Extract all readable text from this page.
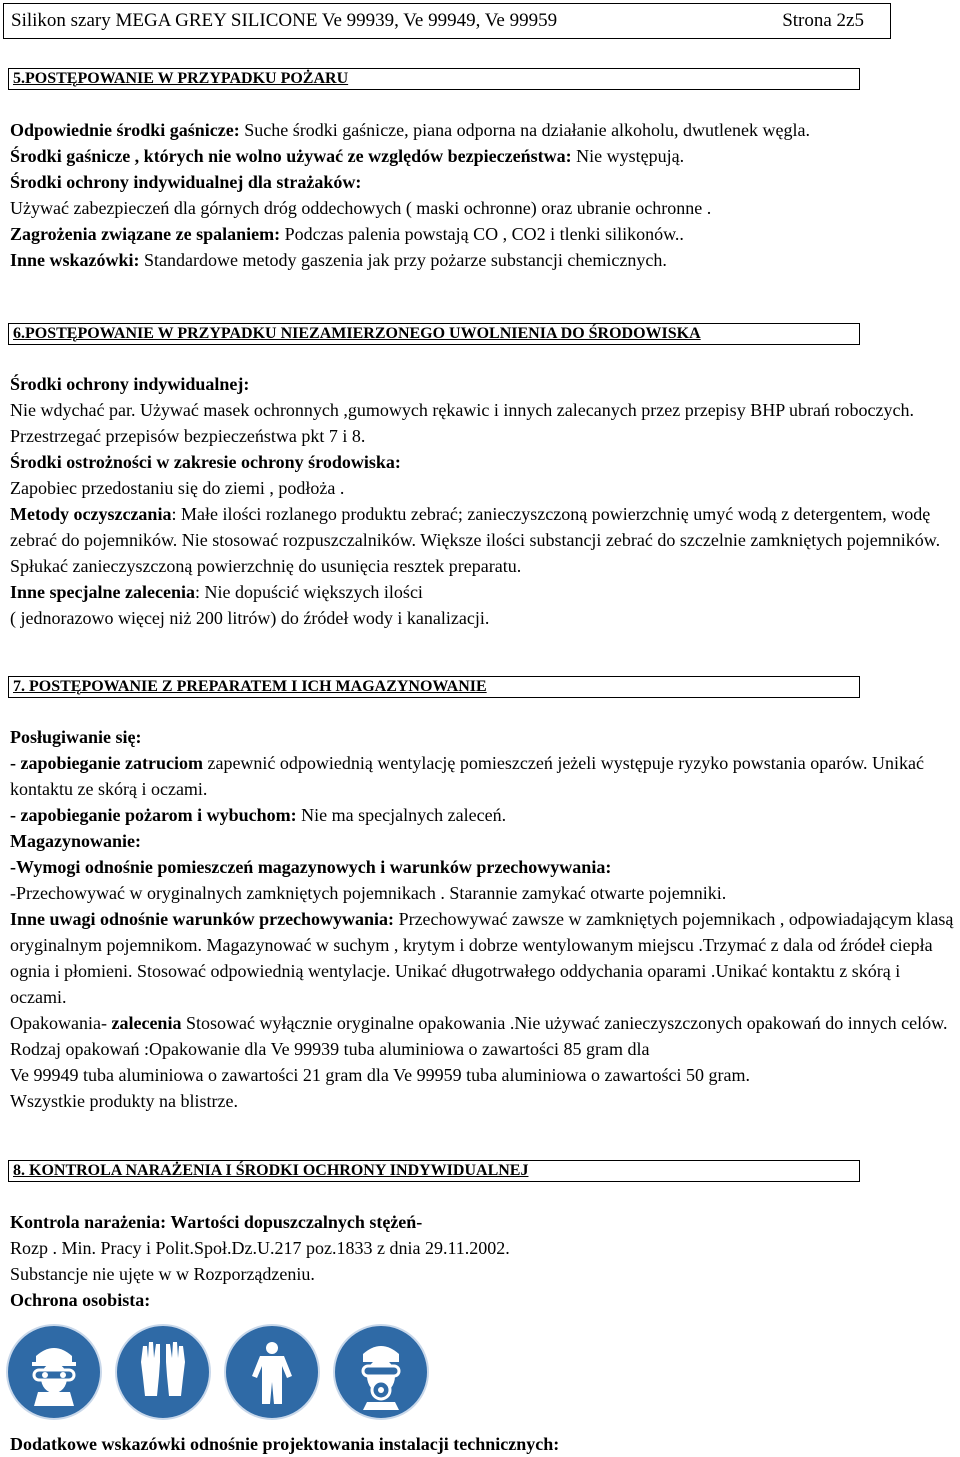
Silikon szary MEGA GREY SILICONE Ve 99939, Ve 99949, Ve 99959	Strona 2z5
5.POSTĘPOWANIE W PRZYPADKU POŻARU

Odpowiednie środki gaśnicze: Suche środki gaśnicze, piana odporna na działanie alkoholu, dwutlenek węgla.

Środki gaśnicze , których nie wolno używać ze względów bezpieczeństwa: Nie występują.

Środki ochrony indywidualnej dla strażaków:

Używać zabezpieczeń dla górnych dróg oddechowych ( maski ochronne) oraz ubranie ochronne .

Zagrożenia związane ze spalaniem: Podczas palenia powstają CO , CO2 i tlenki silikonów..

Inne wskazówki: Standardowe metody gaszenia jak przy pożarze substancji chemicznych.

6.POSTĘPOWANIE W PRZYPADKU NIEZAMIERZONEGO UWOLNIENIA DO ŚRODOWISKA

Środki ochrony indywidualnej:

Nie wdychać par. Używać masek ochronnych ,gumowych rękawic i innych zalecanych przez przepisy BHP ubrań roboczych. Przestrzegać przepisów bezpieczeństwa pkt 7 i 8.

Środki ostrożności w zakresie ochrony środowiska:

Zapobiec przedostaniu się do ziemi , podłoża .

Metody oczyszczania: Małe ilości rozlanego produktu zebrać; zanieczyszczoną powierzchnię umyć wodą z detergentem, wodę zebrać do pojemników. Nie stosować rozpuszczalników. Większe ilości substancji zebrać do szczelnie zamkniętych pojemników.

Spłukać zanieczyszczoną powierzchnię do usunięcia resztek preparatu.

Inne specjalne zalecenia: Nie dopuścić większych ilości

( jednorazowo więcej niż 200 litrów) do źródeł wody i kanalizacji.

7. POSTĘPOWANIE Z PREPARATEM I ICH MAGAZYNOWANIE

Posługiwanie się:

- zapobieganie zatruciom zapewnić odpowiednią wentylację pomieszczeń jeżeli występuje ryzyko powstania oparów. Unikać kontaktu ze skórą i oczami.

- zapobieganie pożarom i wybuchom: Nie ma specjalnych zaleceń.

Magazynowanie:

-Wymogi odnośnie pomieszczeń magazynowych i warunków przechowywania:

-Przechowywać w oryginalnych zamkniętych pojemnikach . Starannie zamykać otwarte pojemniki.

Inne uwagi odnośnie warunków przechowywania: Przechowywać zawsze w zamkniętych pojemnikach , odpowiadającym klasą oryginalnym pojemnikom. Magazynować w suchym , krytym i dobrze wentylowanym miejscu .Trzymać z dala od źródeł ciepła ognia i płomieni. Stosować odpowiednią wentylacje. Unikać długotrwałego oddychania oparami .Unikać kontaktu z skórą i oczami.

Opakowania- zalecenia Stosować wyłącznie oryginalne opakowania .Nie używać zanieczyszczonych opakowań do innych celów.

Rodzaj opakowań :Opakowanie dla Ve 99939 tuba aluminiowa o zawartości 85 gram dla

Ve 99949 tuba aluminiowa o zawartości 21 gram dla Ve 99959 tuba aluminiowa o zawartości 50 gram.

Wszystkie produkty na blistrze.

8. KONTROLA NARAŻENIA I ŚRODKI OCHRONY INDYWIDUALNEJ

Kontrola narażenia: Wartości dopuszczalnych stężeń-

Rozp . Min. Pracy i Polit.Społ.Dz.U.217 poz.1833 z dnia 29.11.2002.

Substancje nie ujęte w w Rozporządzeniu.

Ochrona osobista:

Dodatkowe wskazówki odnośnie projektowania instalacji technicznych:
